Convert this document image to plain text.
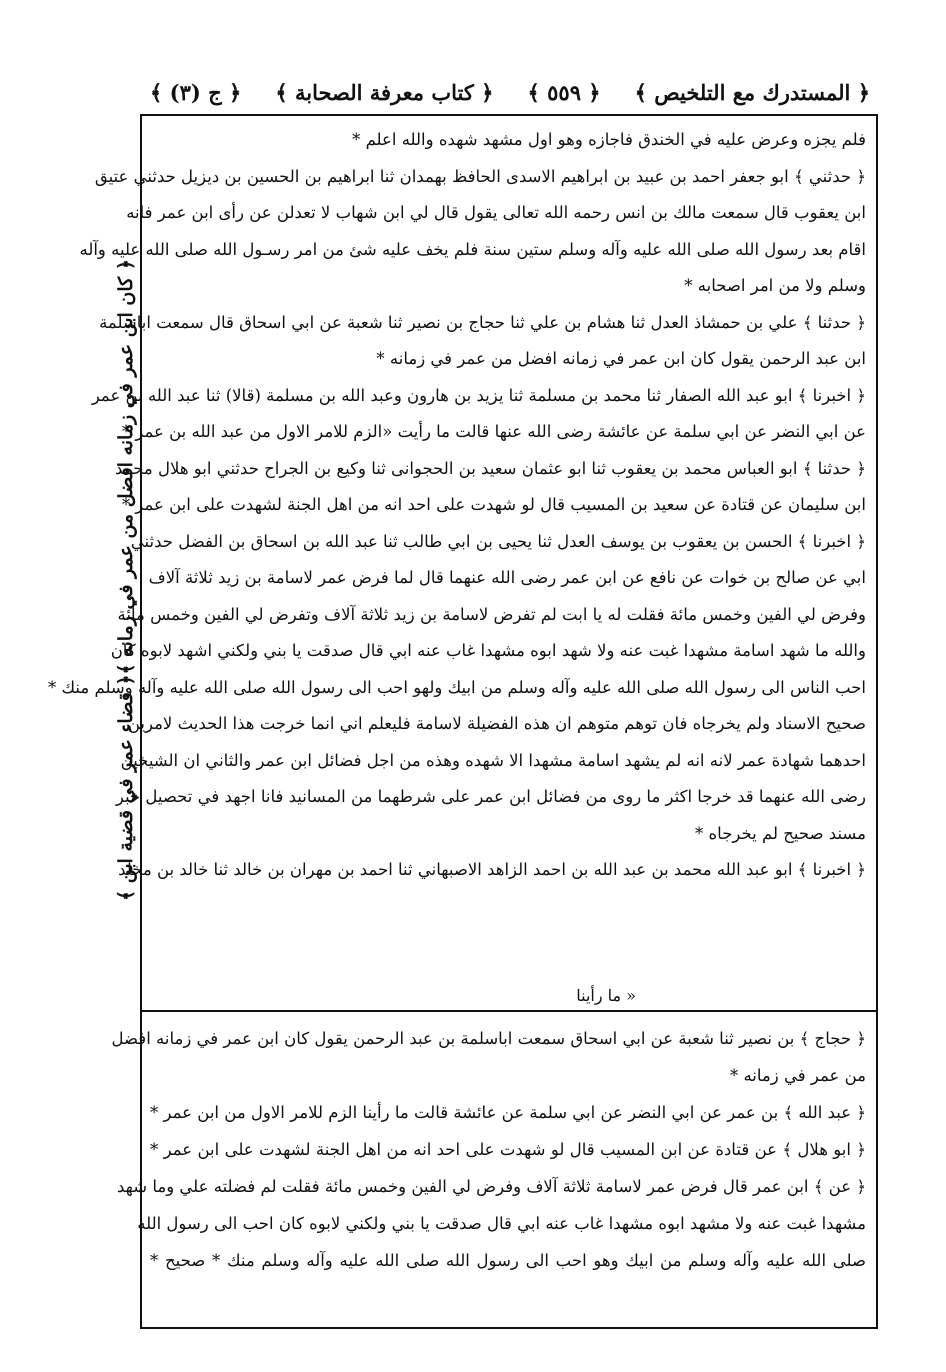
﴿ المستدرك مع التلخيص ﴾
﴿ ٥٥٩ ﴾
﴿ كتاب معرفة الصحابة ﴾
﴿ ج (٣) ﴾
﴿ كان ابن عمر في زمانه افضل من عمر في زمانه ﴾﴿ قضاء عمر في قضية ابن ﴾
فلم يجزه وعرض عليه في الخندق فاجازه وهو اول مشهد شهده والله اعلم *
﴿ حدثني ﴾ ابو جعفر احمد بن عبيد بن ابراهيم الاسدى الحافظ بهمدان ثنا ابراهيم بن الحسين بن ديزيل حدثني عتيق
ابن يعقوب قال سمعت مالك بن انس رحمه الله تعالى يقول قال لي ابن شهاب لا تعدلن عن رأى ابن عمر فانه
اقام بعد رسول الله صلى الله عليه وآله وسلم ستين سنة فلم يخف عليه شئ من امر رسـول الله صلى الله عليه وآله
وسلم ولا من امر اصحابه *
﴿ حدثنا ﴾ علي بن حمشاذ العدل ثنا هشام بن علي ثنا حجاج بن نصير ثنا شعبة عن ابي اسحاق قال سمعت اباسلمة
ابن عبد الرحمن يقول كان ابن عمر في زمانه افضل من عمر في زمانه *
﴿ اخبرنا ﴾ ابو عبد الله الصفار ثنا محمد بن مسلمة ثنا يزيد بن هارون وعبد الله بن مسلمة (قالا) ثنا عبد الله بن عمر
عن ابي النضر عن ابي سلمة عن عائشة رضى الله عنها قالت ما رأيت «الزم للامر الاول من عبد الله بن عمر *
﴿ حدثنا ﴾ ابو العباس محمد بن يعقوب ثنا ابو عثمان سعيد بن الحجوانى ثنا وكيع بن الجراح حدثني ابو هلال محمد
ابن سليمان عن قتادة عن سعيد بن المسيب قال لو شهدت على احد انه من اهل الجنة لشهدت على ابن عمر *
﴿ اخبرنا ﴾ الحسن بن يعقوب بن يوسف العدل ثنا يحيى بن ابي طالب ثنا عبد الله بن اسحاق بن الفضل حدثني
ابي عن صالح بن خوات عن نافع عن ابن عمر رضى الله عنهما قال لما فرض عمر لاسامة بن زيد ثلاثة آلاف
وفرض لي الفين وخمس مائة فقلت له يا ابت لم تفرض لاسامة بن زيد ثلاثة آلاف وتفرض لي الفين وخمس مائة
والله ما شهد اسامة مشهدا غبت عنه ولا شهد ابوه مشهدا غاب عنه ابي قال صدقت يا بني ولكني اشهد لابوه كان
احب الناس الى رسول الله صلى الله عليه وآله وسلم من ابيك ولهو احب الى رسول الله صلى الله عليه وآله وسلم منك *
صحيح الاسناد ولم يخرجاه فان توهم متوهم ان هذه الفضيلة لاسامة فليعلم اني انما خرجت هذا الحديث لامرين
احدهما شهادة عمر لانه انه لم يشهد اسامة مشهدا الا شهده وهذه من اجل فضائل ابن عمر والثاني ان الشيخين
رضى الله عنهما قد خرجا اكثر ما روى من فضائل ابن عمر على شرطهما من المسانيد فانا اجهد في تحصيل خبر
مسند صحيح لم يخرجاه *
﴿ اخبرنا ﴾ ابو عبد الله محمد بن عبد الله بن احمد الزاهد الاصبهاني ثنا احمد بن مهران بن خالد ثنا خالد بن مخلد
« ما رأينا
﴿ حجاج ﴾ بن نصير ثنا شعبة عن ابي اسحاق سمعت اباسلمة بن عبد الرحمن يقول كان ابن عمر في زمانه افضل
من عمر في زمانه *
﴿ عبد الله ﴾ بن عمر عن ابي النضر عن ابي سلمة عن عائشة قالت ما رأينا الزم للامر الاول من ابن عمر *
﴿ ابو هلال ﴾ عن قتادة عن ابن المسيب قال لو شهدت على احد انه من اهل الجنة لشهدت على ابن عمر *
﴿ عن ﴾ ابن عمر قال فرض عمر لاسامة ثلاثة آلاف وفرض لي الفين وخمس مائة فقلت لم فضلته علي وما شهد
مشهدا غبت عنه ولا مشهد ابوه مشهدا غاب عنه ابي قال صدقت يا بني ولكني لابوه كان احب الى رسول الله
صلى الله عليه وآله وسلم من ابيك وهو احب الى رسول الله صلى الله عليه وآله وسلم منك * صحيح *
